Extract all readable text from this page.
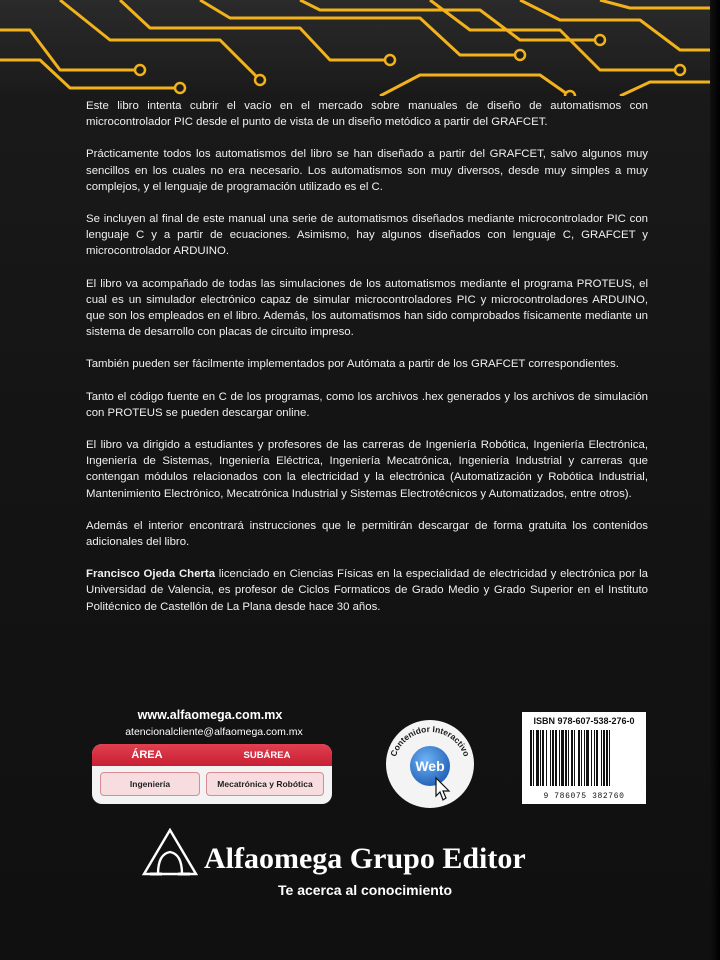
Este libro intenta cubrir el vacío en el mercado sobre manuales de diseño de automatismos con microcontrolador PIC desde el punto de vista de un diseño metódico a partir del GRAFCET.

Prácticamente todos los automatismos del libro se han diseñado a partir del GRAFCET, salvo algunos muy sencillos en los cuales no era necesario. Los automatismos son muy diversos, desde muy simples a muy complejos, y el lenguaje de programación utilizado es el C.

Se incluyen al final de este manual una serie de automatismos diseñados mediante microcontrolador PIC con lenguaje C y a partir de ecuaciones. Asimismo, hay algunos diseñados con lenguaje C, GRAFCET y microcontrolador ARDUINO.

El libro va acompañado de todas las simulaciones de los automatismos mediante el programa PROTEUS, el cual es un simulador electrónico capaz de simular microcontroladores PIC y microcontroladores ARDUINO, que son los empleados en el libro. Además, los automatismos han sido comprobados físicamente mediante un sistema de desarrollo con placas de circuito impreso.

También pueden ser fácilmente implementados por Autómata a partir de los GRAFCET correspondientes.

Tanto el código fuente en C de los programas, como los archivos .hex generados y los archivos de simulación con PROTEUS se pueden descargar online.

El libro va dirigido a estudiantes y profesores de las carreras de Ingeniería Robótica, Ingeniería Electrónica, Ingeniería de Sistemas, Ingeniería Eléctrica, Ingeniería Mecatrónica, Ingeniería Industrial y carreras que contengan módulos relacionados con la electricidad y la electrónica (Automatización y Robótica Industrial, Mantenimiento Electrónico, Mecatrónica Industrial y Sistemas Electrotécnicos y Automatizados, entre otros).

Además el interior encontrará instrucciones que le permitirán descargar de forma gratuita los contenidos adicionales del libro.

Francisco Ojeda Cherta licenciado en Ciencias Físicas en la especialidad de electricidad y electrónica por la Universidad de Valencia, es profesor de Ciclos Formaticos de Grado Medio y Grado Superior en el Instituto Politécnico de Castellón de La Plana desde hace 30 años.

www.alfaomega.com.mx
atencionalcliente@alfaomega.com.mx
ÁREA	SUBÁREA
Ingeniería	Mecatrónica y Robótica
Contenidor Interactivo
Web
ISBN 978-607-538-276-0
9 786075 382760
Alfaomega Grupo Editor
Te acerca al conocimiento
